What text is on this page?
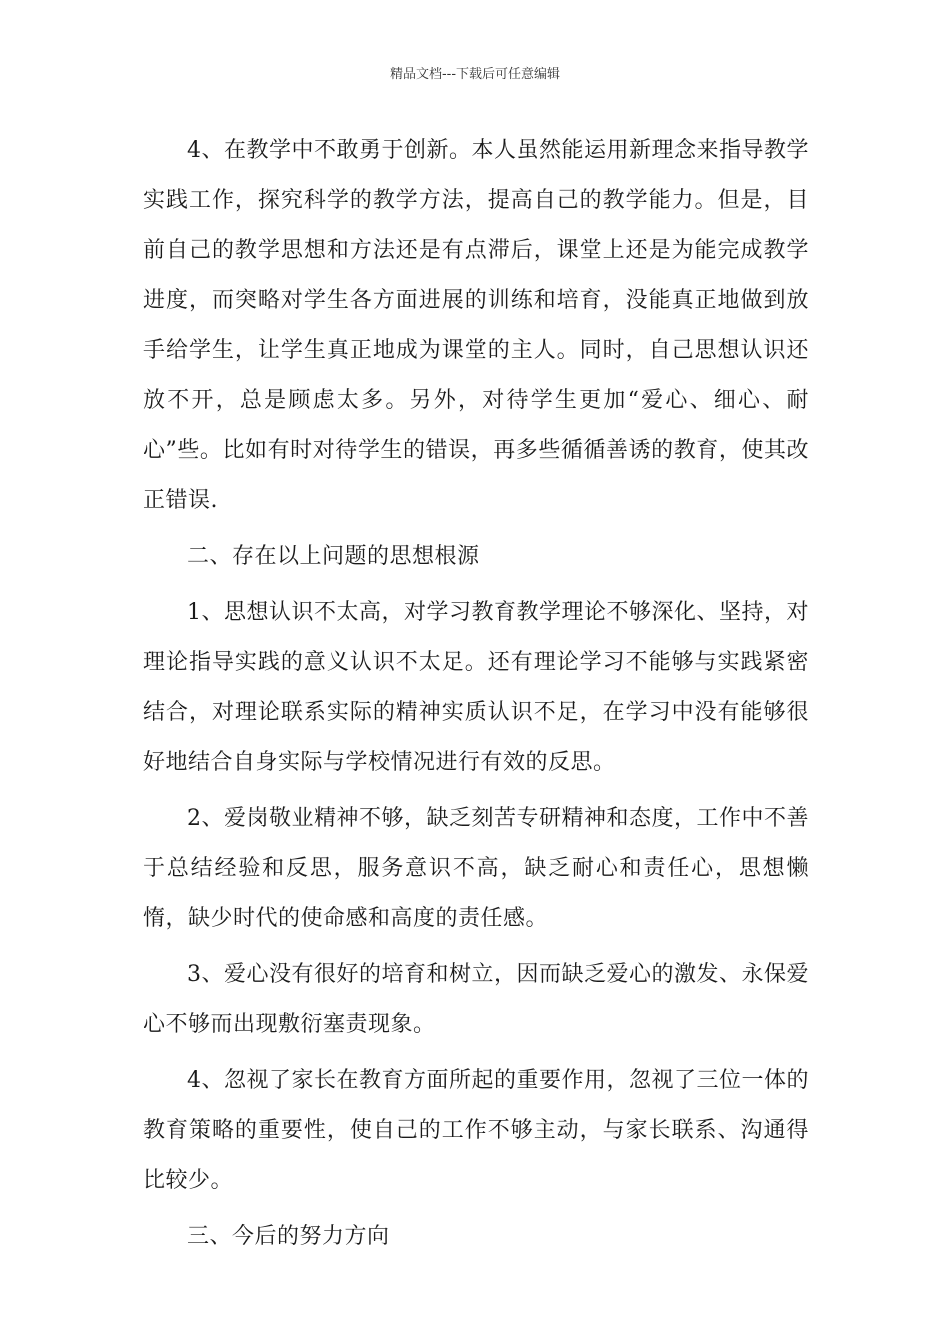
精品文档---下载后可任意编辑

4、在教学中不敢勇于创新。本人虽然能运用新理念来指导教学实践工作，探究科学的教学方法，提高自己的教学能力。但是，目前自己的教学思想和方法还是有点滞后，课堂上还是为能完成教学进度，而突略对学生各方面进展的训练和培育，没能真正地做到放手给学生，让学生真正地成为课堂的主人。同时，自己思想认识还放不开，总是顾虑太多。另外，对待学生更加“爱心、细心、耐心”些。比如有时对待学生的错误，再多些循循善诱的教育，使其改正错误.

二、存在以上问题的思想根源

1、思想认识不太高，对学习教育教学理论不够深化、坚持，对理论指导实践的意义认识不太足。还有理论学习不能够与实践紧密结合，对理论联系实际的精神实质认识不足，在学习中没有能够很好地结合自身实际与学校情况进行有效的反思。

2、爱岗敬业精神不够，缺乏刻苦专研精神和态度，工作中不善于总结经验和反思，服务意识不高，缺乏耐心和责任心，思想懒惰，缺少时代的使命感和高度的责任感。

3、爱心没有很好的培育和树立，因而缺乏爱心的激发、永保爱心不够而出现敷衍塞责现象。

4、忽视了家长在教育方面所起的重要作用，忽视了三位一体的教育策略的重要性，使自己的工作不够主动，与家长联系、沟通得比较少。

三、今后的努力方向
